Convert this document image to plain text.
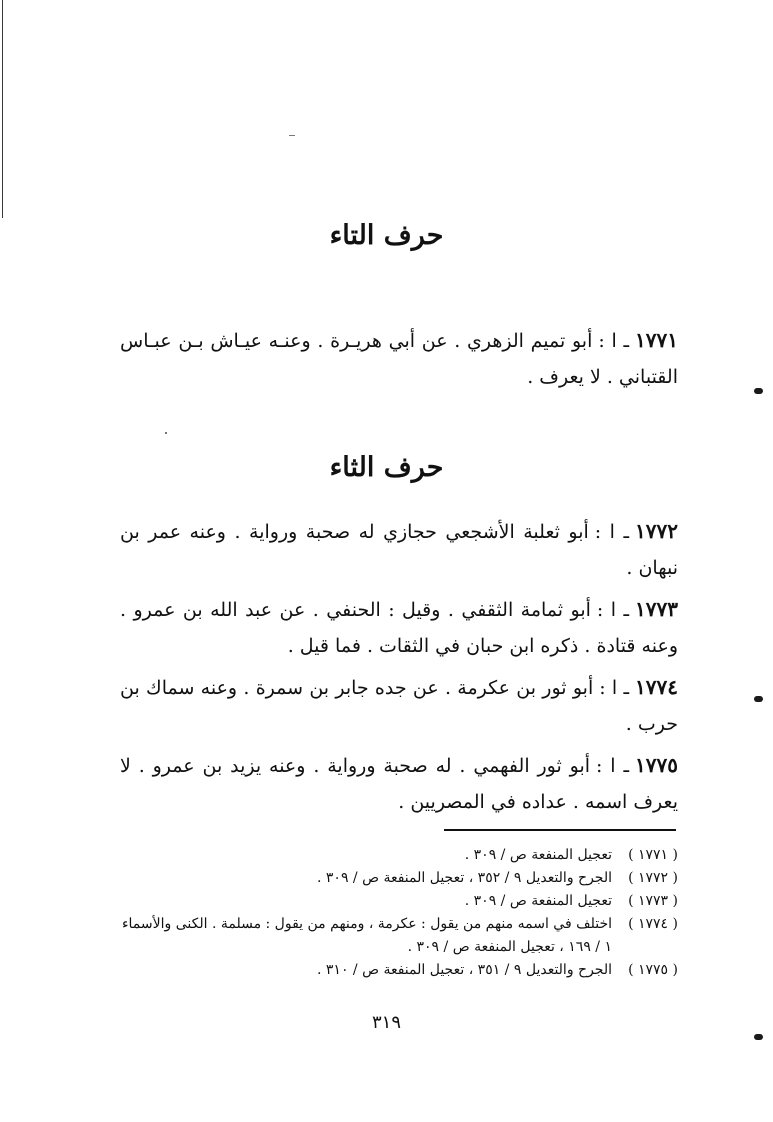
حرف التاء
١٧٧١ـ ا :أبو تميم الزهري . عن أبي هريـرة . وعنـه عيـاش بـن عبـاس القتباني . لا يعرف .
حرف الثاء
١٧٧٢ـ ا :أبو ثعلبة الأشجعي حجازي له صحبة ورواية . وعنه عمر بن نبهان .
١٧٧٣ـ ا :أبو ثمامة الثقفي . وقيل : الحنفي . عن عبد الله بن عمرو . وعنه قتادة . ذكره ابن حبان في الثقات . فما قيل .
١٧٧٤ـ ا :أبو ثور بن عكرمة . عن جده جابر بن سمرة . وعنه سماك بن حرب .
١٧٧٥ـ ا :أبو ثور الفهمي . له صحبة ورواية . وعنه يزيد بن عمرو . لا يعرف اسمه . عداده في المصريين .
( ١٧٧١ )
تعجيل المنفعة ص / ٣٠٩ .
( ١٧٧٢ )
الجرح والتعديل ٩ / ٣٥٢ ، تعجيل المنفعة ص / ٣٠٩ .
( ١٧٧٣ )
تعجيل المنفعة ص / ٣٠٩ .
( ١٧٧٤ )
اختلف في اسمه منهم من يقول : عكرمة ، ومنهم من يقول : مسلمة . الكنى والأسماء ١ / ١٦٩ ، تعجيل المنفعة ص / ٣٠٩ .
( ١٧٧٥ )
الجرح والتعديل ٩ / ٣٥١ ، تعجيل المنفعة ص / ٣١٠ .
٣١٩
